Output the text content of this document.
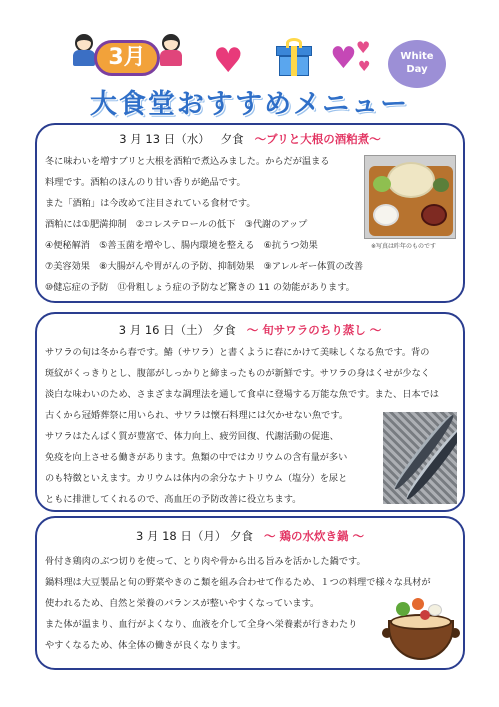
3月	♥	♥ ♥
♥
White
Day
大食堂おすすめメニュー
3 月 13 日（水） 夕食 ～ブリと大根の酒粕煮～
冬に味わいを増すブリと大根を酒粕で煮込みました。からだが温まる
料理です。酒粕のほんのり甘い香りが絶品です。
また「酒粕」は今改めて注目されている食材です。
酒粕には①肥満抑制　②コレステロールの低下　③代謝のアップ
④便秘解消　⑤善玉菌を増やし、腸内環境を整える　⑥抗うつ効果
⑦美容効果　⑧大腸がんや胃がんの予防、抑制効果　⑨アレルギー体質の改善
⑩健忘症の予防　⑪骨粗しょう症の予防など驚きの 11 の効能があります。
※写真は昨年のものです
3 月 16 日（土） 夕食 ～ 旬サワラのちり蒸し ～
サワラの旬は冬から春です。鰆（サワラ）と書くように春にかけて美味しくなる魚です。背の
斑紋がくっきりとし、腹部がしっかりと締まったものが新鮮です。サワラの身はくせが少なく
淡白な味わいのため、さまざまな調理法を通して食卓に登場する万能な魚です。また、日本では
古くから冠婚葬祭に用いられ、サワラは懐石料理には欠かせない魚です。
サワラはたんぱく質が豊富で、体力向上、疲労回復、代謝活動の促進、
免疫を向上させる働きがあります。魚類の中ではカリウムの含有量が多い
のも特徴といえます。カリウムは体内の余分なナトリウム（塩分）を尿と
ともに排泄してくれるので、高血圧の予防改善に役立ちます。
3 月 18 日（月） 夕食 ～ 鶏の水炊き鍋 ～
骨付き鶏肉のぶつ切りを使って、とり肉や骨から出る旨みを活かした鍋です。
鍋料理は大豆製品と旬の野菜やきのこ類を組み合わせて作るため、１つの料理で様々な具材が
使われるため、自然と栄養のバランスが整いやすくなっています。
また体が温まり、血行がよくなり、血液を介して全身へ栄養素が行きわたり
やすくなるため、体全体の働きが良くなります。
